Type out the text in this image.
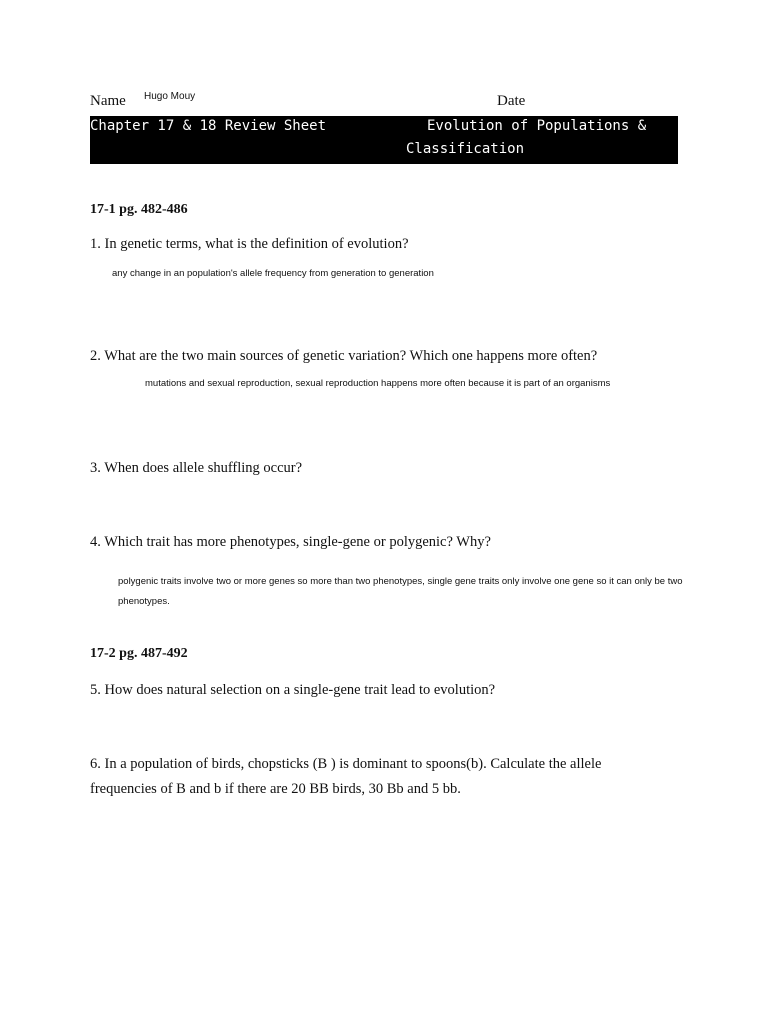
Name Hugo Mouy	Date
Chapter 17 & 18 Review Sheet	Evolution of Populations &
Classification
17-1 pg. 482-486
1. In genetic terms, what is the definition of evolution?
any change in an population's allele frequency from generation to generation
2. What are the two main sources of genetic variation? Which one happens more often?
mutations and sexual reproduction, sexual reproduction happens more often because it is part of an organisms
3. When does allele shuffling occur?
4. Which trait has more phenotypes, single-gene or polygenic? Why?
polygenic traits involve two or more genes so more than two phenotypes, single gene traits only involve one gene so it can only be two
phenotypes.
17-2 pg. 487-492
5. How does natural selection on a single-gene trait lead to evolution?
6. In a population of birds, chopsticks (B ) is dominant to spoons(b). Calculate the allele
frequencies of B and b if there are 20 BB birds, 30 Bb and 5 bb.
